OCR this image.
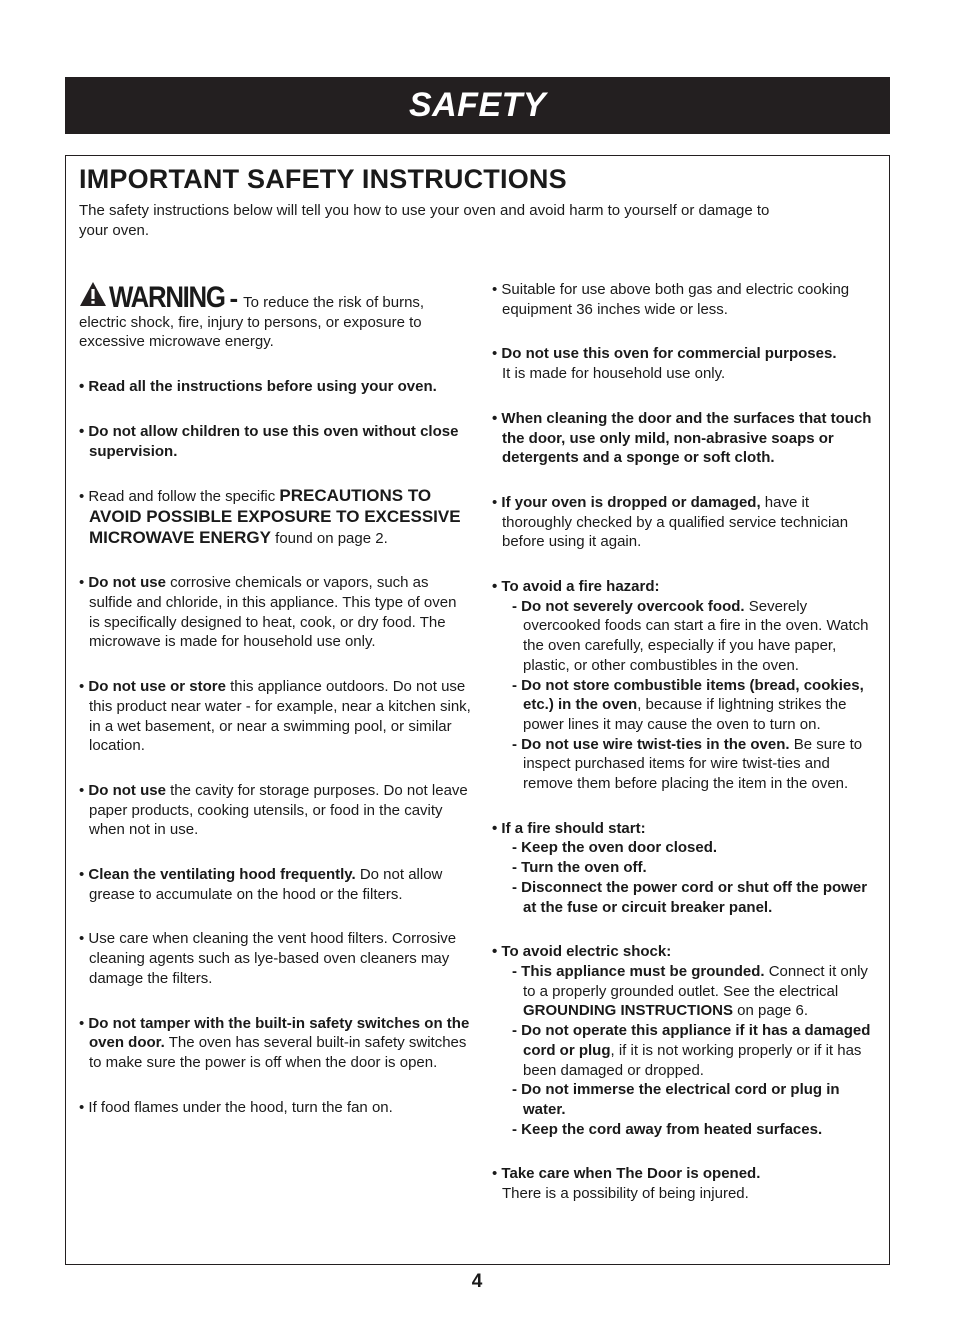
SAFETY
IMPORTANT SAFETY INSTRUCTIONS

The safety instructions below will tell you how to use your oven and avoid harm to yourself or damage to your oven.

WARNING - To reduce the risk of burns, electric shock, fire, injury to persons, or exposure to excessive microwave energy.

• Read all the instructions before using your oven.

• Do not allow children to use this oven without close supervision.

• Read and follow the specific PRECAUTIONS TO AVOID POSSIBLE EXPOSURE TO EXCESSIVE MICROWAVE ENERGY found on page 2.

• Do not use corrosive chemicals or vapors, such as sulfide and chloride, in this appliance. This type of oven is specifically designed to heat, cook, or dry food. The microwave is made for household use only.

• Do not use or store this appliance outdoors. Do not use this product near water - for example, near a kitchen sink, in a wet basement, or near a swimming pool, or similar location.

• Do not use the cavity for storage purposes. Do not leave paper products, cooking utensils, or food in the cavity when not in use.

• Clean the ventilating hood frequently. Do not allow grease to accumulate on the hood or the filters.

• Use care when cleaning the vent hood filters. Corrosive cleaning agents such as lye-based oven cleaners may damage the filters.

• Do not tamper with the built-in safety switches on the oven door. The oven has several built-in safety switches to make sure the power is off when the door is open.

• If food flames under the hood, turn the fan on.

• Suitable for use above both gas and electric cooking equipment 36 inches wide or less.

• Do not use this oven for commercial purposes.
It is made for household use only.

• When cleaning the door and the surfaces that touch the door, use only mild, non-abrasive soaps or detergents and a sponge or soft cloth.

• If your oven is dropped or damaged, have it thoroughly checked by a qualified service technician before using it again.

• To avoid a fire hazard:

- Do not severely overcook food. Severely overcooked foods can start a fire in the oven. Watch the oven carefully, especially if you have paper, plastic, or other combustibles in the oven.

- Do not store combustible items (bread, cookies, etc.) in the oven, because if lightning strikes the power lines it may cause the oven to turn on.

- Do not use wire twist-ties in the oven. Be sure to inspect purchased items for wire twist-ties and remove them before placing the item in the oven.

• If a fire should start:

- Keep the oven door closed.

- Turn the oven off.

- Disconnect the power cord or shut off the power at the fuse or circuit breaker panel.

• To avoid electric shock:

- This appliance must be grounded. Connect it only to a properly grounded outlet. See the electrical GROUNDING INSTRUCTIONS on page 6.

- Do not operate this appliance if it has a damaged cord or plug, if it is not working properly or if it has been damaged or dropped.

- Do not immerse the electrical cord or plug in water.

- Keep the cord away from heated surfaces.

• Take care when The Door is opened.
There is a possibility of being injured.

4
